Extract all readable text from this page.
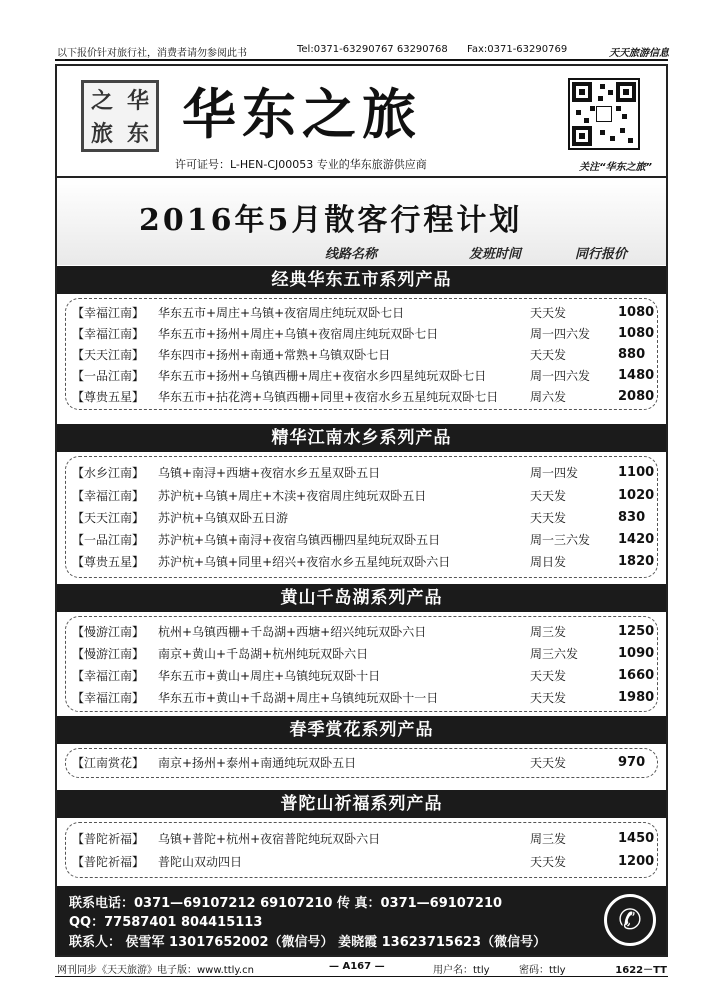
以下报价针对旅行社，消费者请勿参阅此书	Tel:0371-63290767 63290768 Fax:0371-63290769	天天旅游信息
之 华
旅 东 华东之旅
许可证号：L-HEN-CJ00053 专业的华东旅游供应商	关注“华东之旅”
2016年5月散客行程计划
线路名称	发班时间	同行报价
经典华东五市系列产品
【幸福江南】 华东五市+周庄+乌镇+夜宿周庄纯玩双卧七日	天天发	1080
【幸福江南】 华东五市+扬州+周庄+乌镇+夜宿周庄纯玩双卧七日	周一四六发 1080
【天天江南】 华东四市+扬州+南通+常熟+乌镇双卧七日	天天发	880
【一品江南】 华东五市+扬州+乌镇西栅+周庄+夜宿水乡四星纯玩双卧七日	周一四六发 1480
【尊贵五星】 华东五市+拈花湾+乌镇西栅+同里+夜宿水乡五星纯玩双卧七日	周六发	2080
精华江南水乡系列产品
【水乡江南】 乌镇+南浔+西塘+夜宿水乡五星双卧五日	周一四发	1100
【幸福江南】 苏沪杭+乌镇+周庄+木渎+夜宿周庄纯玩双卧五日	天天发	1020
【天天江南】 苏沪杭+乌镇双卧五日游	天天发	830
【一品江南】 苏沪杭+乌镇+南浔+夜宿乌镇西栅四星纯玩双卧五日	周一三六发 1420
【尊贵五星】 苏沪杭+乌镇+同里+绍兴+夜宿水乡五星纯玩双卧六日	周日发	1820
黄山千岛湖系列产品
【慢游江南】 杭州+乌镇西栅+千岛湖+西塘+绍兴纯玩双卧六日	周三发	1250
【慢游江南】 南京+黄山+千岛湖+杭州纯玩双卧六日	周三六发	1090
【幸福江南】 华东五市+黄山+周庄+乌镇纯玩双卧十日	天天发	1660
【幸福江南】 华东五市+黄山+千岛湖+周庄+乌镇纯玩双卧十一日	天天发	1980
春季赏花系列产品
【江南赏花】 南京+扬州+泰州+南通纯玩双卧五日	天天发	970
普陀山祈福系列产品
【普陀祈福】 乌镇+普陀+杭州+夜宿普陀纯玩双卧六日	周三发	1450
【普陀祈福】 普陀山双动四日	天天发	1200
联系电话：0371—69107212 69107210 传 真：0371—69107210
QQ：77587401 804415113
联系人： 侯雪军 13017652002（微信号） 姜晓霞 13623715623（微信号）
✆
网刊同步《天天旅游》电子版：www.ttly.cn	— A167 —	用户名：ttly	密码：ttly	1622－TT
